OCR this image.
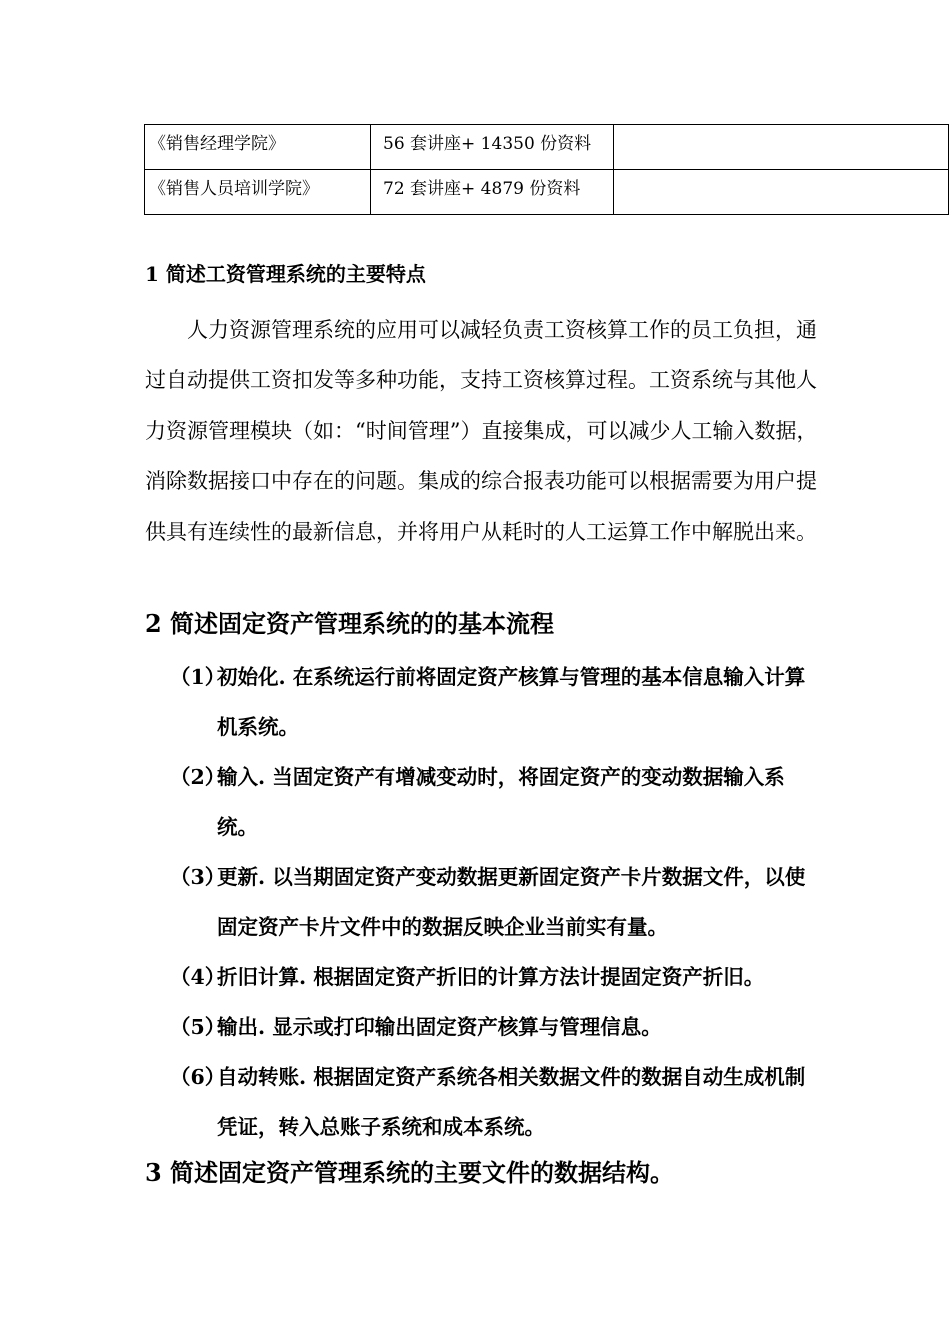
《销售经理学院》	56 套讲座+ 14350 份资料	
《销售人员培训学院》	72 套讲座+ 4879 份资料	
1 简述工资管理系统的主要特点

人力资源管理系统的应用可以减轻负责工资核算工作的员工负担，通过自动提供工资扣发等多种功能，支持工资核算过程。工资系统与其他人力资源管理模块（如：“时间管理”）直接集成，可以减少人工输入数据，消除数据接口中存在的问题。集成的综合报表功能可以根据需要为用户提供具有连续性的最新信息，并将用户从耗时的人工运算工作中解脱出来。

2 简述固定资产管理系统的的基本流程
（1）
初始化. 在系统运行前将固定资产核算与管理的基本信息输入计算机系统。
（2）
输入. 当固定资产有增减变动时，将固定资产的变动数据输入系统。
（3）
更新. 以当期固定资产变动数据更新固定资产卡片数据文件，以使固定资产卡片文件中的数据反映企业当前实有量。
（4）
折旧计算. 根据固定资产折旧的计算方法计提固定资产折旧。
（5）
输出. 显示或打印输出固定资产核算与管理信息。
（6）
自动转账. 根据固定资产系统各相关数据文件的数据自动生成机制凭证，转入总账子系统和成本系统。
3 简述固定资产管理系统的主要文件的数据结构。
